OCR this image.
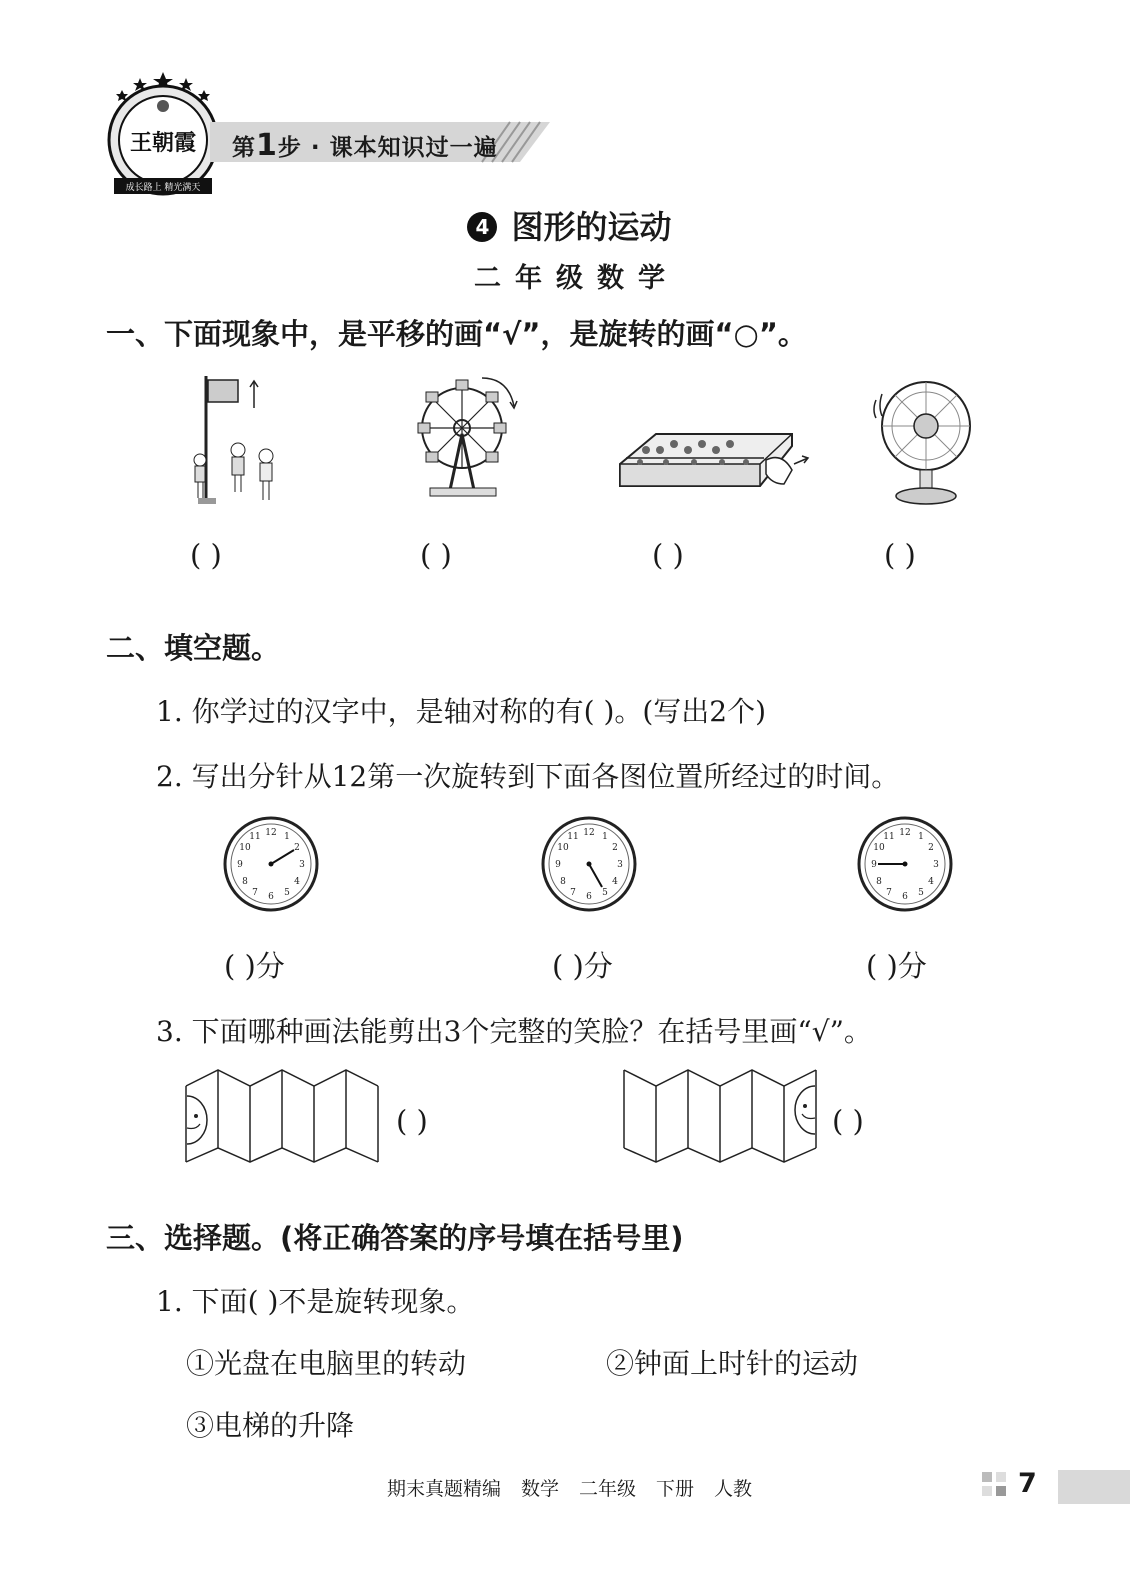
王朝霞
成长路上 精光满天
第1步 · 课本知识过一遍
4 图形的运动
二年级数学
一、下面现象中，是平移的画“√”，是旋转的画“○”。
( )	( )	( )	( )
二、填空题。
1. 你学过的汉字中，是轴对称的有( )。(写出2个)
2. 写出分针从12第一次旋转到下面各图位置所经过的时间。
12 1
2
3
4
5
6
7
8
9
10
11
( )分
12 1
2
3
4
5
6
7
8
9
10
11
( )分
12 1
2
3
4
5
6
7
8
9
10
11
( )分
3. 下面哪种画法能剪出3个完整的笑脸？在括号里画“√”。
( )	( )
三、选择题。(将正确答案的序号填在括号里)
1. 下面( )不是旋转现象。
①光盘在电脑里的转动	②钟面上时针的运动
③电梯的升降
期末真题精编 数学 二年级 下册 人教	7
